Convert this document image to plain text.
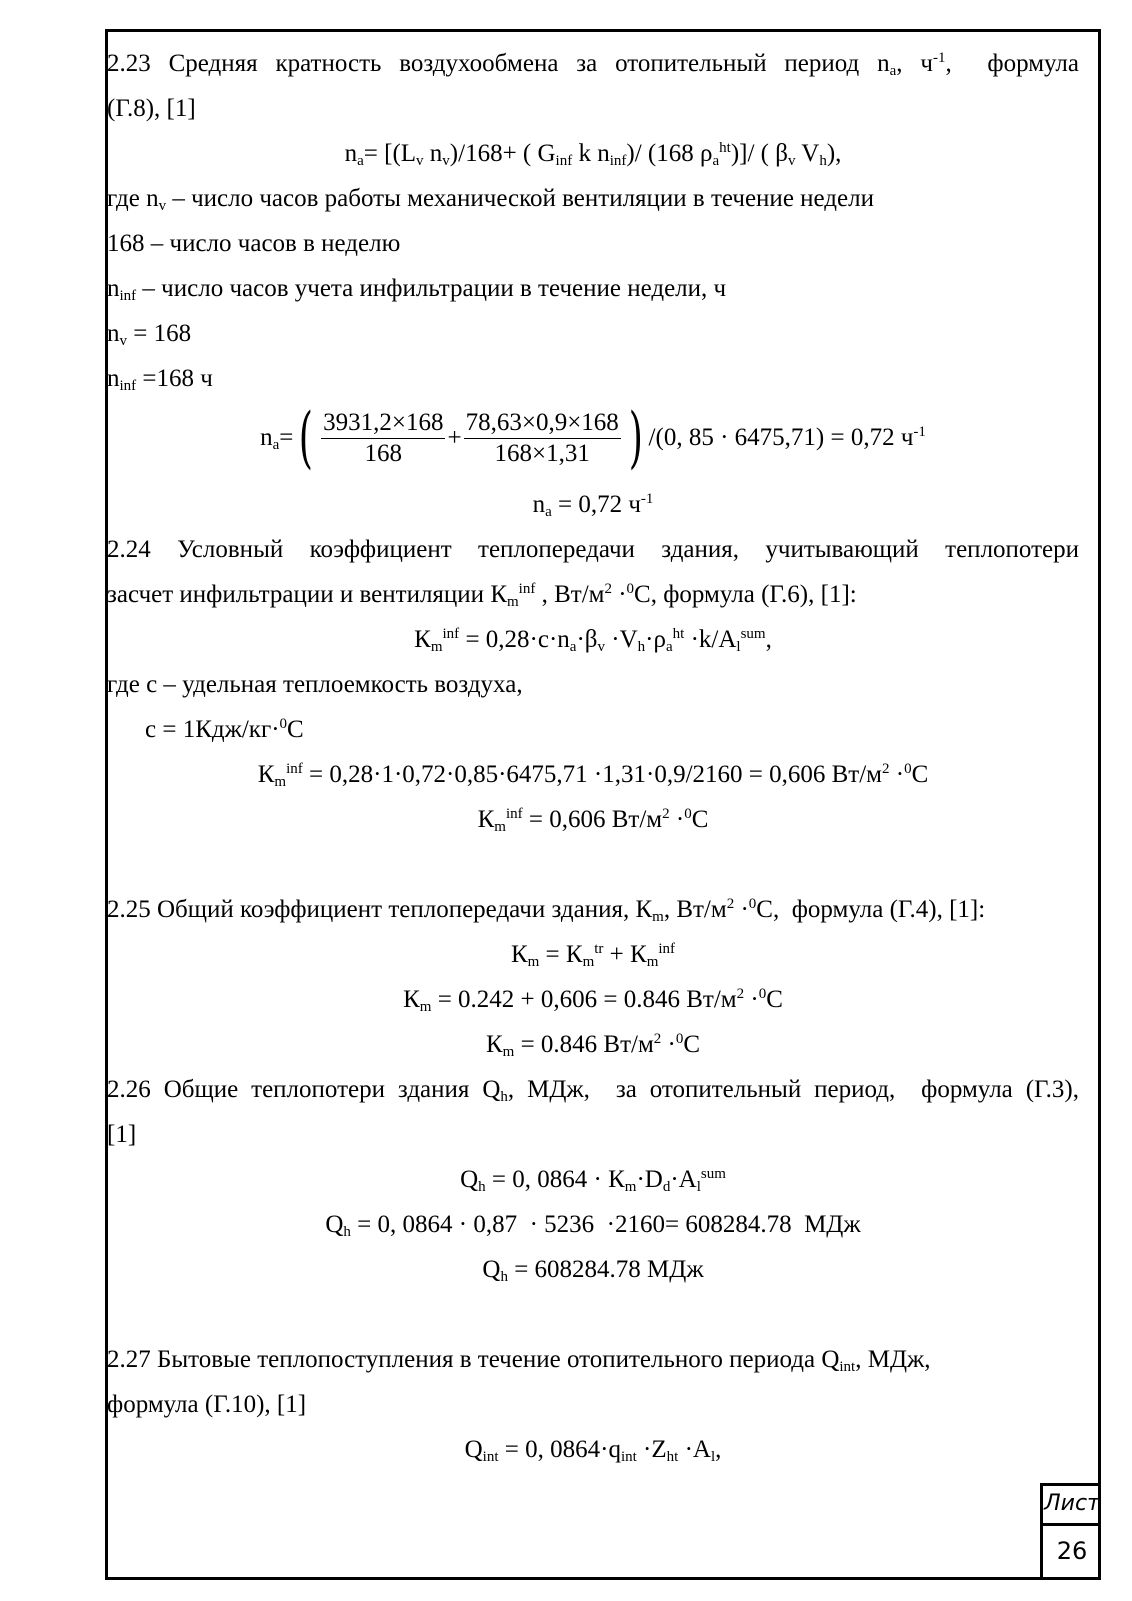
2.23 Средняя кратность воздухообмена за отопительный период $n_a$, $ч^{-1}$,  формула
(Г.8), [1]
$n_a= [(L_v$ $n_v)/168+$ ( $G_{inf}$ k $n_{inf})/$ (168 $\rho_a^{ht})]/$ ( $\beta_v$ $V_h$),
где $n_v$ – число часов работы механической вентиляции в течение недели
168 – число часов в неделю
$n_{inf}$ – число часов учета инфильтрации в течение недели, ч
$n_v = 168$
$n_{inf} =168$ ч
$n_a=( \frac{3931,2\times 168}{168} + \frac{78,63\times 0,9\times 168}{168\times 1,31}$ ) /(0, 85 · 6475,71) = 0,72 $ч^{-1}$
$n_a = 0,72$ $ч^{-1}$
2.24 Условный коэффициент теплопередачи здания, учитывающий теплопотери
засчет инфильтрации и вентиляции $К_m^{inf}$ , $Вт/м^2 \cdot^0С$, формула (Г.6), [1]:
$К_m^{inf} = 0,28\cdot c\cdot n_a\cdot\beta_v \cdot V_h\cdot\rho_a^{ht} \cdot k/A_l^{sum}$,
где с – удельная теплоемкость воздуха,
с = 1Кдж/кг·$^0$С
$К_m^{inf} = 0,28\cdot 1\cdot 0,72\cdot 0,85\cdot 6475,71 \cdot 1,31\cdot 0,9/2160 = 0,606$ $Вт/м^2 \cdot^0С$
$К_m^{inf} = 0,606$ $Вт/м^2 \cdot^0С$
2.25 Общий коэффициент теплопередачи здания, $К_m$, $Вт/м^2 \cdot^0С$,  формула (Г.4), [1]:
$К_m = К_m^{tr} + К_m^{inf}$
$К_m = 0.242 + 0,606 = 0.846$ $Вт/м^2 \cdot^0С$
$К_m = 0.846$ $Вт/м^2 \cdot^0С$
2.26 Общие теплопотери здания $Q_h$, МДж,  за отопительный период,  формула (Г.3),
[1]
$Q_h = 0$, $0864 \cdot К_m\cdot D_d\cdot A_l^{sum}$
$Q_h = 0$, 0864 · 0,87  · 5236  ·2160= 608284.78  МДж
$Q_h = 608284.78$ МДж
2.27 Бытовые теплопоступления в течение отопительного периода $Q_{int}$, МДж,
формула (Г.10), [1]
$Q_{int} = 0$, $0864\cdot q_{int} \cdot Z_{ht} \cdot A_l$,
Лист
26
